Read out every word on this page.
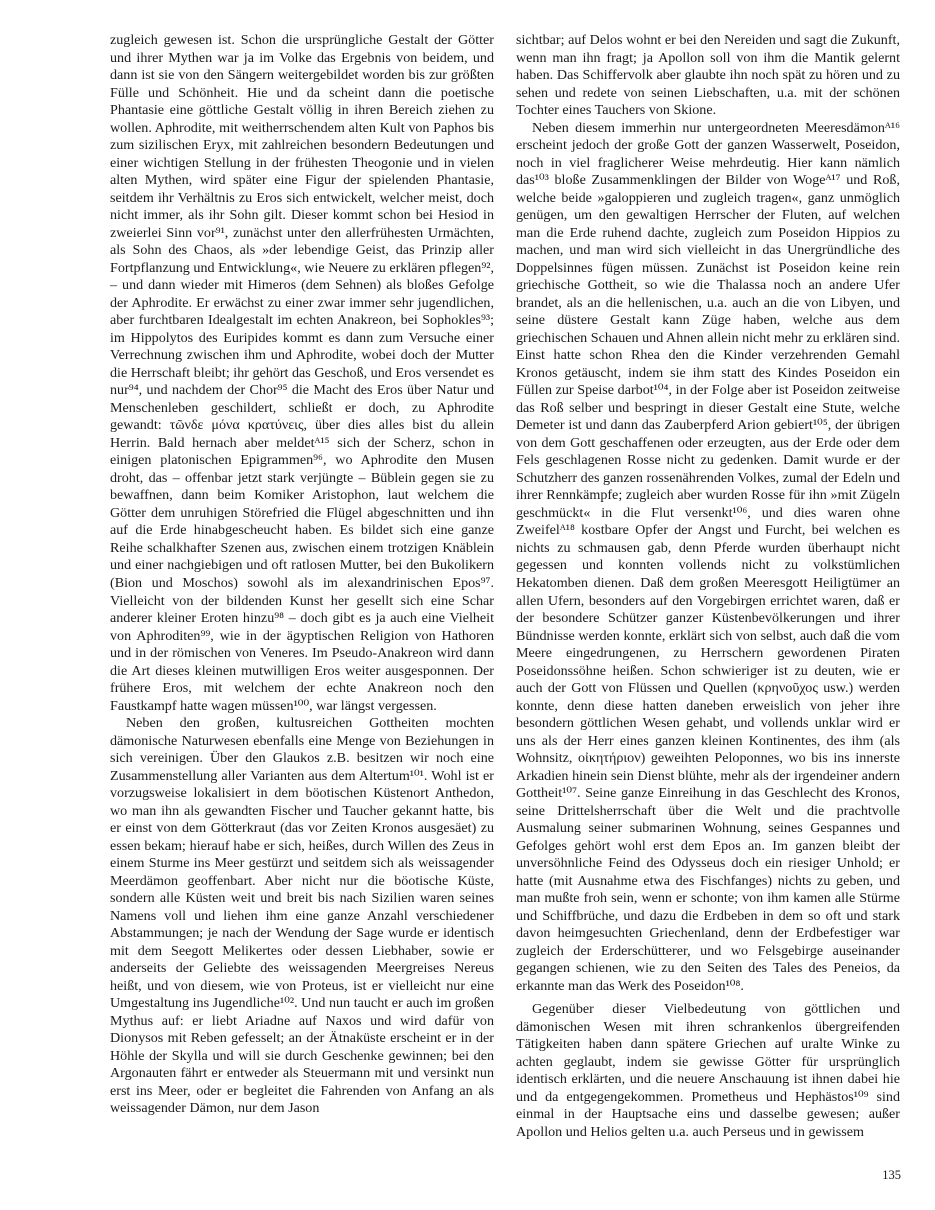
zugleich gewesen ist. Schon die ursprüngliche Gestalt der Götter und ihrer Mythen war ja im Volke das Ergebnis von beidem, und dann ist sie von den Sängern weitergebildet worden bis zur größten Fülle und Schönheit. Hie und da scheint dann die poetische Phantasie eine göttliche Gestalt völlig in ihren Bereich ziehen zu wollen. Aphrodite, mit weitherrschendem alten Kult von Paphos bis zum sizilischen Eryx, mit zahlreichen besondern Bedeutungen und einer wichtigen Stellung in der frühesten Theogonie und in vielen alten Mythen, wird später eine Figur der spielenden Phantasie, seitdem ihr Verhältnis zu Eros sich entwickelt, welcher meist, doch nicht immer, als ihr Sohn gilt. Dieser kommt schon bei Hesiod in zweierlei Sinn vor⁹¹, zunächst unter den allerfrühesten Urmächten, als Sohn des Chaos, als »der lebendige Geist, das Prinzip aller Fortpflanzung und Entwicklung«, wie Neuere zu erklären pflegen⁹², – und dann wieder mit Himeros (dem Sehnen) als bloßes Gefolge der Aphrodite. Er erwächst zu einer zwar immer sehr jugendlichen, aber furchtbaren Idealgestalt im echten Anakreon, bei Sophokles⁹³; im Hippolytos des Euripides kommt es dann zum Versuche einer Verrechnung zwischen ihm und Aphrodite, wobei doch der Mutter die Herrschaft bleibt; ihr gehört das Geschoß, und Eros versendet es nur⁹⁴, und nachdem der Chor⁹⁵ die Macht des Eros über Natur und Menschenleben geschildert, schließt er doch, zu Aphrodite gewandt: τῶνδε μόνα κρατύνεις, über dies alles bist du allein Herrin. Bald hernach aber meldetᴬ¹⁵ sich der Scherz, schon in einigen platonischen Epigrammen⁹⁶, wo Aphrodite den Musen droht, das – offenbar jetzt stark verjüngte – Büblein gegen sie zu bewaffnen, dann beim Komiker Aristophon, laut welchem die Götter dem unruhigen Störefried die Flügel abgeschnitten und ihn auf die Erde hinabgescheucht haben. Es bildet sich eine ganze Reihe schalkhafter Szenen aus, zwischen einem trotzigen Knäblein und einer nachgiebigen und oft ratlosen Mutter, bei den Bukolikern (Bion und Moschos) sowohl als im alexandrinischen Epos⁹⁷. Vielleicht von der bildenden Kunst her gesellt sich eine Schar anderer kleiner Eroten hinzu⁹⁸ – doch gibt es ja auch eine Vielheit von Aphroditen⁹⁹, wie in der ägyptischen Religion von Hathoren und in der römischen von Veneres. Im Pseudo-Anakreon wird dann die Art dieses kleinen mutwilligen Eros weiter ausgesponnen. Der frühere Eros, mit welchem der echte Anakreon noch den Faustkampf hatte wagen müssen¹⁰⁰, war längst vergessen.

Neben den großen, kultusreichen Gottheiten mochten dämonische Naturwesen ebenfalls eine Menge von Beziehungen in sich vereinigen. Über den Glaukos z.B. besitzen wir noch eine Zusammenstellung aller Varianten aus dem Altertum¹⁰¹. Wohl ist er vorzugsweise lokalisiert in dem böotischen Küstenort Anthedon, wo man ihn als gewandten Fischer und Taucher gekannt hatte, bis er einst von dem Götterkraut (das vor Zeiten Kronos ausgesäet) zu essen bekam; hierauf habe er sich, heißes, durch Willen des Zeus in einem Sturme ins Meer gestürzt und seitdem sich als weissagender Meerdämon geoffenbart. Aber nicht nur die böotische Küste, sondern alle Küsten weit und breit bis nach Sizilien waren seines Namens voll und liehen ihm eine ganze Anzahl verschiedener Abstammungen; je nach der Wendung der Sage wurde er identisch mit dem Seegott Melikertes oder dessen Liebhaber, sowie er anderseits der Geliebte des weissagenden Meergreises Nereus heißt, und von diesem, wie von Proteus, ist er vielleicht nur eine Umgestaltung ins Jugendliche¹⁰². Und nun taucht er auch im großen Mythus auf: er liebt Ariadne auf Naxos und wird dafür von Dionysos mit Reben gefesselt; an der Ätnaküste erscheint er in der Höhle der Skylla und will sie durch Geschenke gewinnen; bei den Argonauten fährt er entweder als Steuermann mit und versinkt nun erst ins Meer, oder er begleitet die Fahrenden von Anfang an als weissagender Dämon, nur dem Jason

sichtbar; auf Delos wohnt er bei den Nereiden und sagt die Zukunft, wenn man ihn fragt; ja Apollon soll von ihm die Mantik gelernt haben. Das Schiffervolk aber glaubte ihn noch spät zu hören und zu sehen und redete von seinen Liebschaften, u.a. mit der schönen Tochter eines Tauchers von Skione.

Neben diesem immerhin nur untergeordneten Meeresdämonᴬ¹⁶ erscheint jedoch der große Gott der ganzen Wasserwelt, Poseidon, noch in viel fraglicherer Weise mehrdeutig. Hier kann nämlich das¹⁰³ bloße Zusammenklingen der Bilder von Wogeᴬ¹⁷ und Roß, welche beide »galoppieren und zugleich tragen«, ganz unmöglich genügen, um den gewaltigen Herrscher der Fluten, auf welchen man die Erde ruhend dachte, zugleich zum Poseidon Hippios zu machen, und man wird sich vielleicht in das Unergründliche des Doppelsinnes fügen müssen. Zunächst ist Poseidon keine rein griechische Gottheit, so wie die Thalassa noch an andere Ufer brandet, als an die hellenischen, u.a. auch an die von Libyen, und seine düstere Gestalt kann Züge haben, welche aus dem griechischen Schauen und Ahnen allein nicht mehr zu erklären sind. Einst hatte schon Rhea den die Kinder verzehrenden Gemahl Kronos getäuscht, indem sie ihm statt des Kindes Poseidon ein Füllen zur Speise darbot¹⁰⁴, in der Folge aber ist Poseidon zeitweise das Roß selber und bespringt in dieser Gestalt eine Stute, welche Demeter ist und dann das Zauberpferd Arion gebiert¹⁰⁵, der übrigen von dem Gott geschaffenen oder erzeugten, aus der Erde oder dem Fels geschlagenen Rosse nicht zu gedenken. Damit wurde er der Schutzherr des ganzen rossenährenden Volkes, zumal der Edeln und ihrer Rennkämpfe; zugleich aber wurden Rosse für ihn »mit Zügeln geschmückt« in die Flut versenkt¹⁰⁶, und dies waren ohne Zweifelᴬ¹⁸ kostbare Opfer der Angst und Furcht, bei welchen es nichts zu schmausen gab, denn Pferde wurden überhaupt nicht gegessen und konnten vollends nicht zu volkstümlichen Hekatomben dienen. Daß dem großen Meeresgott Heiligtümer an allen Ufern, besonders auf den Vorgebirgen errichtet waren, daß er der besondere Schützer ganzer Küstenbevölkerungen und ihrer Bündnisse werden konnte, erklärt sich von selbst, auch daß die vom Meere eingedrungenen, zu Herrschern gewordenen Piraten Poseidonssöhne heißen. Schon schwieriger ist zu deuten, wie er auch der Gott von Flüssen und Quellen (κρηνοῦχος usw.) werden konnte, denn diese hatten daneben erweislich von jeher ihre besondern göttlichen Wesen gehabt, und vollends unklar wird er uns als der Herr eines ganzen kleinen Kontinentes, des ihm (als Wohnsitz, οἰκητήριον) geweihten Peloponnes, wo bis ins innerste Arkadien hinein sein Dienst blühte, mehr als der irgendeiner andern Gottheit¹⁰⁷. Seine ganze Einreihung in das Geschlecht des Kronos, seine Drittelsherrschaft über die Welt und die prachtvolle Ausmalung seiner submarinen Wohnung, seines Gespannes und Gefolges gehört wohl erst dem Epos an. Im ganzen bleibt der unversöhnliche Feind des Odysseus doch ein riesiger Unhold; er hatte (mit Ausnahme etwa des Fischfanges) nichts zu geben, und man mußte froh sein, wenn er schonte; von ihm kamen alle Stürme und Schiffbrüche, und dazu die Erdbeben in dem so oft und stark davon heimgesuchten Griechenland, denn der Erdbefestiger war zugleich der Erderschütterer, und wo Felsgebirge auseinander gegangen schienen, wie zu den Seiten des Tales des Peneios, da erkannte man das Werk des Poseidon¹⁰⁸.

Gegenüber dieser Vielbedeutung von göttlichen und dämonischen Wesen mit ihren schrankenlos übergreifenden Tätigkeiten haben dann spätere Griechen auf uralte Winke zu achten geglaubt, indem sie gewisse Götter für ursprünglich identisch erklärten, und die neuere Anschauung ist ihnen dabei hie und da entgegengekommen. Prometheus und Hephästos¹⁰⁹ sind einmal in der Hauptsache eins und dasselbe gewesen; außer Apollon und Helios gelten u.a. auch Perseus und in gewissem

135
